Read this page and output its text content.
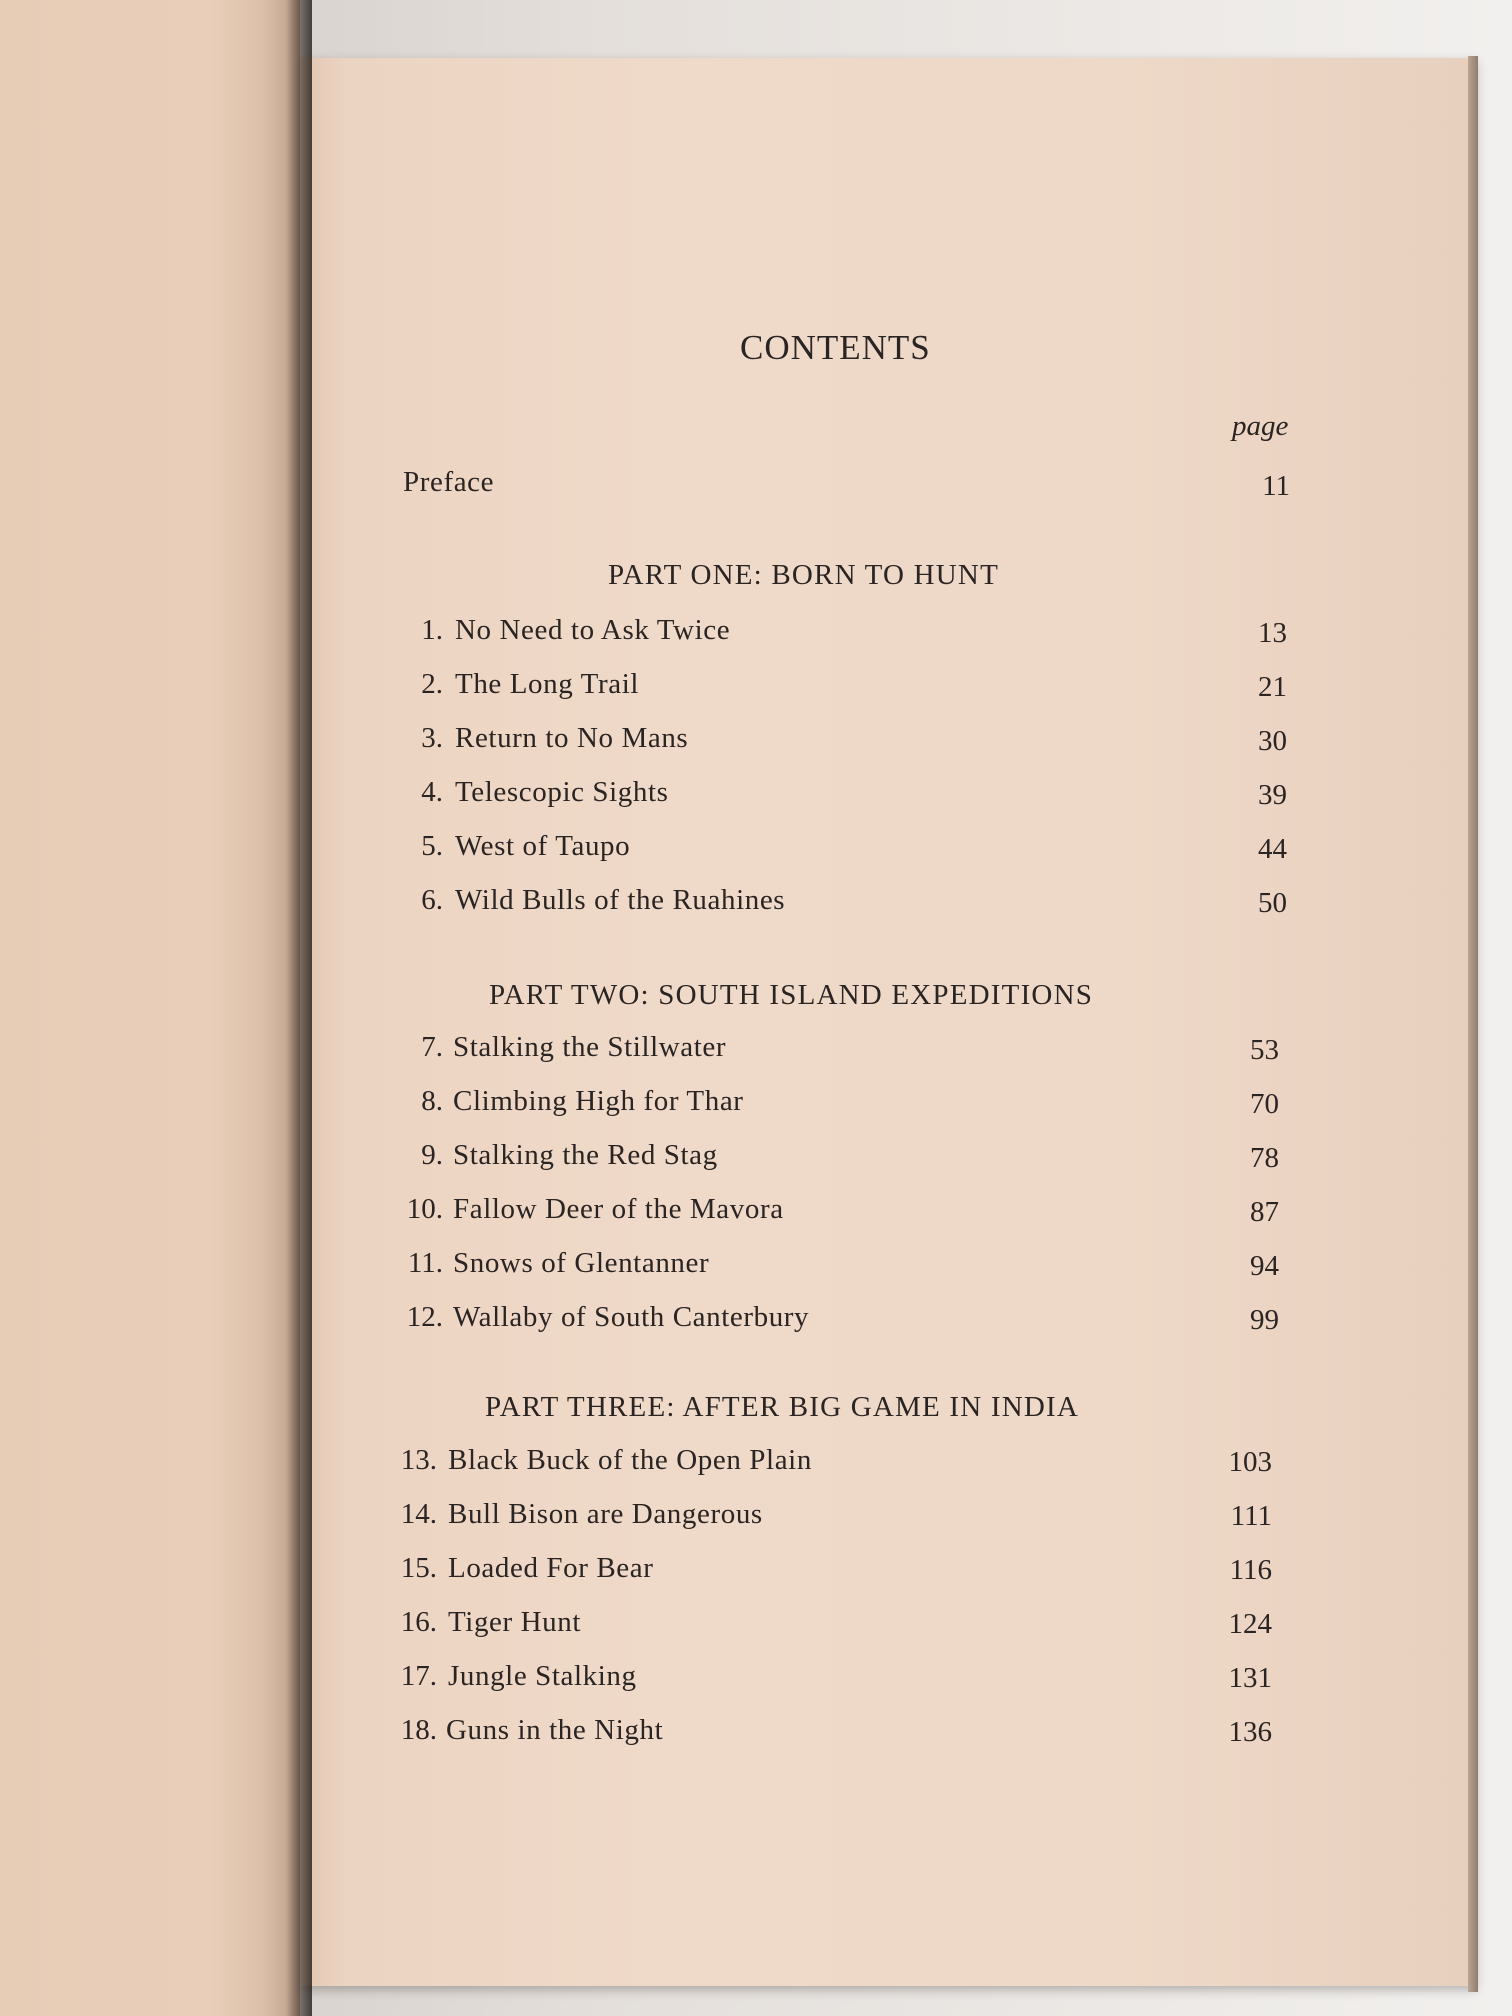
CONTENTS
page
Preface	11
PART ONE: BORN TO HUNT
1. No Need to Ask Twice	13
2. The Long Trail	21
3. Return to No Mans	30
4. Telescopic Sights	39
5. West of Taupo	44
6. Wild Bulls of the Ruahines	50
PART TWO: SOUTH ISLAND EXPEDITIONS
7. Stalking the Stillwater	53
8. Climbing High for Thar	70
9. Stalking the Red Stag	78
10. Fallow Deer of the Mavora	87
11. Snows of Glentanner	94
12. Wallaby of South Canterbury	99
PART THREE: AFTER BIG GAME IN INDIA
13. Black Buck of the Open Plain	103
14. Bull Bison are Dangerous	111
15. Loaded For Bear	116
16. Tiger Hunt	124
17. Jungle Stalking	131
18. Guns in the Night	136
